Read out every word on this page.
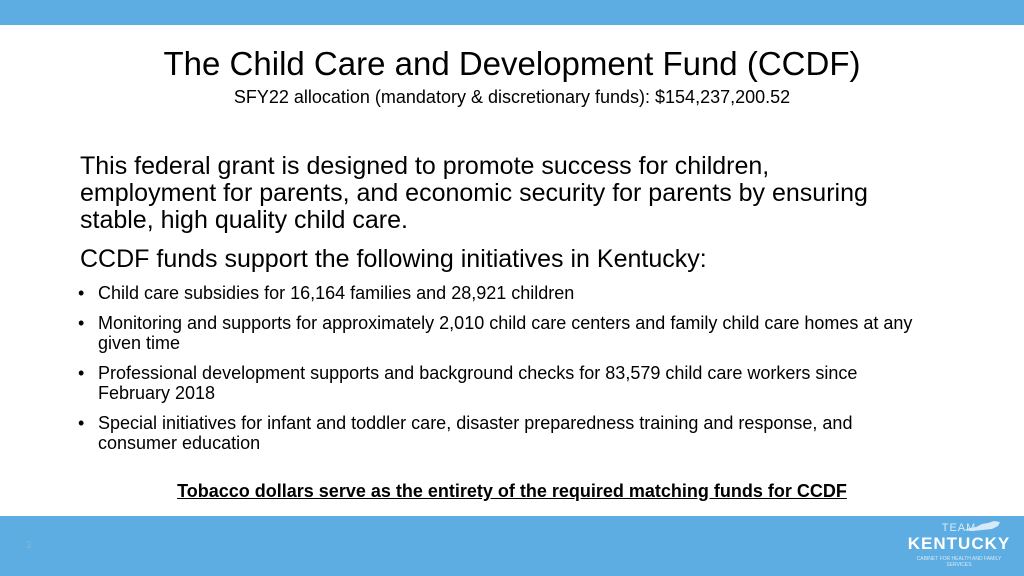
The Child Care and Development Fund (CCDF)
SFY22 allocation (mandatory & discretionary funds): $154,237,200.52
This federal grant is designed to promote success for children, employment for parents, and economic security for parents by ensuring stable, high quality child care.
CCDF funds support the following initiatives in Kentucky:
• Child care subsidies for 16,164 families and 28,921 children
• Monitoring and supports for approximately 2,010 child care centers and family child care homes at any given time
• Professional development supports and background checks for 83,579 child care workers since February 2018
• Special initiatives for infant and toddler care, disaster preparedness training and response, and consumer education
Tobacco dollars serve as the entirety of the required matching funds for CCDF
3
TEAM
KENTUCKY
CABINET FOR HEALTH AND FAMILY SERVICES
